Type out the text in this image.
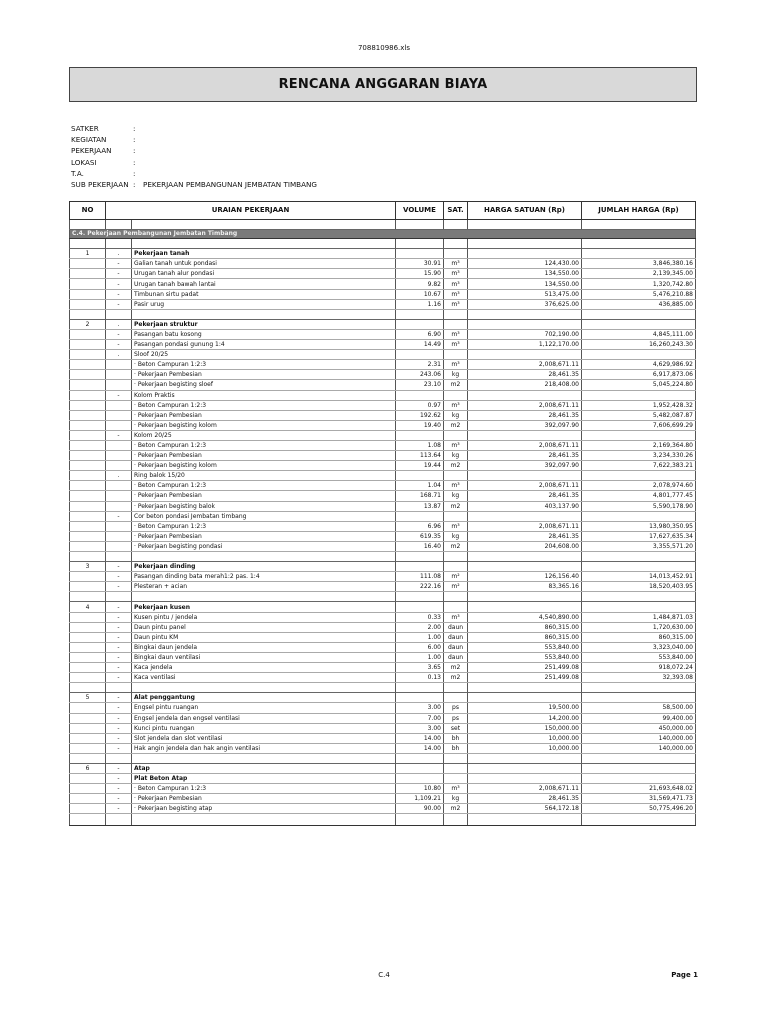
708810986.xls
RENCANA ANGGARAN BIAYA
SATKER	:
KEGIATAN	:
PEKERJAAN	:
LOKASI	:
T.A.	:
SUB PEKERJAAN :	PEKERJAAN PEMBANGUNAN JEMBATAN TIMBANG
NO	URAIAN PEKERJAAN		VOLUME	SAT.	HARGA SATUAN (Rp)	JUMLAH HARGA (Rp)

C.4. Pekerjaan Pembangunan Jembatan Timbang						

1	.	Pekerjaan tanah				
	-	Galian tanah untuk pondasi	30.91	m³	124,430.00	3,846,380.16
	-	Urugan tanah alur pondasi	15.90	m³	134,550.00	2,139,345.00
	-	Urugan tanah bawah lantai	9.82	m³	134,550.00	1,320,742.80
	-	Timbunan sirtu padat	10.67	m³	513,475.00	5,476,210.88
	-	Pasir urug	1.16	m³	376,625.00	436,885.00

2	.	Pekerjaan struktur				
	-	Pasangan batu kosong	6.90	m³	702,190.00	4,845,111.00
	-	Pasangan pondasi gunung 1:4	14.49	m³	1,122,170.00	16,260,243.30
	.	Sloof 20/25				
		· Beton Campuran 1:2:3	2.31	m³	2,008,671.11	4,629,986.92
		· Pekerjaan Pembesian	243.06	kg	28,461.35	6,917,873.06
		· Pekerjaan begisting sloef	23.10	m2	218,408.00	5,045,224.80
	-	Kolom Praktis				
		· Beton Campuran 1:2:3	0.97	m³	2,008,671.11	1,952,428.32
		· Pekerjaan Pembesian	192.62	kg	28,461.35	5,482,087.87
		· Pekerjaan begisting kolom	19.40	m2	392,097.90	7,606,699.29
	-	Kolom 20/25				
		· Beton Campuran 1:2:3	1.08	m³	2,008,671.11	2,169,364.80
		· Pekerjaan Pembesian	113.64	kg	28,461.35	3,234,330.26
		· Pekerjaan begisting kolom	19.44	m2	392,097.90	7,622,383.21
	.	Ring balok 15/20				
		· Beton Campuran 1:2:3	1.04	m³	2,008,671.11	2,078,974.60
		· Pekerjaan Pembesian	168.71	kg	28,461.35	4,801,777.45
		· Pekerjaan begisting balok	13.87	m2	403,137.90	5,590,178.90
	-	Cor beton pondasi Jembatan timbang				
		· Beton Campuran 1:2:3	6.96	m³	2,008,671.11	13,980,350.95
		· Pekerjaan Pembesian	619.35	kg	28,461.35	17,627,635.34
		· Pekerjaan begisting pondasi	16.40	m2	204,608.00	3,355,571.20

3	-	Pekerjaan dinding				
	-	Pasangan dinding bata merah1:2 pas. 1:4	111.08	m²	126,156.40	14,013,452.91
	-	Plesteran + acian	222.16	m²	83,365.16	18,520,403.95

4	-	Pekerjaan kusen				
	-	Kusen pintu / jendela	0.33	m³	4,540,890.00	1,484,871.03
	-	Daun pintu panel	2.00	daun	860,315.00	1,720,630.00
	-	Daun pintu KM	1.00	daun	860,315.00	860,315.00
	-	Bingkai daun jendela	6.00	daun	553,840.00	3,323,040.00
	-	Bingkai daun ventilasi	1.00	daun	553,840.00	553,840.00
	-	Kaca jendela	3.65	m2	251,499.08	918,072.24
	-	Kaca ventilasi	0.13	m2	251,499.08	32,393.08

5	-	Alat penggantung				
	-	Engsel pintu ruangan	3.00	ps	19,500.00	58,500.00
	-	Engsel jendela dan engsel ventilasi	7.00	ps	14,200.00	99,400.00
	-	Kunci pintu ruangan	3.00	set	150,000.00	450,000.00
	-	Slot jendela dan slot ventilasi	14.00	bh	10,000.00	140,000.00
	-	Hak angin jendela dan hak angin ventilasi	14.00	bh	10,000.00	140,000.00

6	-	Atap				
	-	Plat Beton Atap				
	-	· Beton Campuran 1:2:3	10.80	m³	2,008,671.11	21,693,648.02
	-	· Pekerjaan Pembesian	1,109.21	kg	28,461.35	31,569,471.73
	-	· Pekerjaan begisting atap	90.00	m2	564,172.18	50,775,496.20

C.4	Page 1
